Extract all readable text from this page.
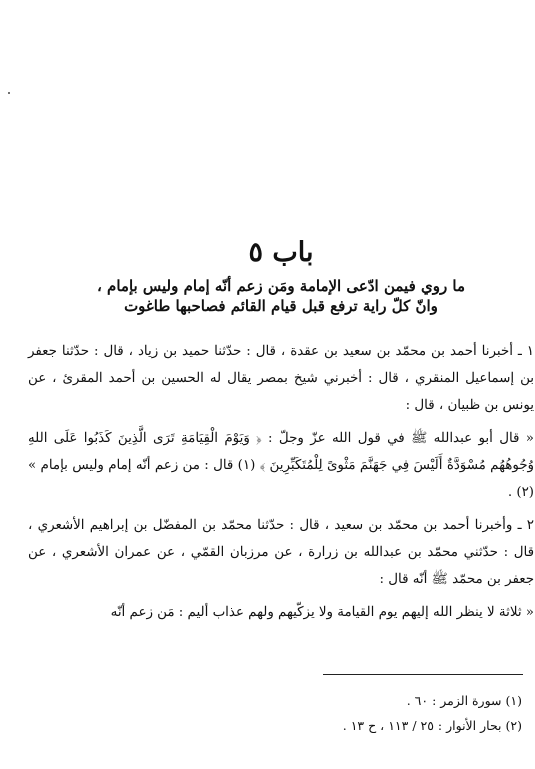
باب ٥

ما روي فيمن ادّعى الإمامة ومَن زعم أنّه إمام وليس بإمام ،

وانّ كلّ راية ترفع قبل قيام القائم فصاحبها طاغوت

١ ـ أخبرنا أحمد بن محمّد بن سعيد بن عقدة ، قال : حدّثنا حميد بن زياد ، قال : حدّثنا جعفر بن إسماعيل المنقري ، قال : أخبرني شيخ بمصر يقال له الحسين بن أحمد المقرئ ، عن يونس بن ظبيان ، قال :

« قال أبو عبدالله ﷺ في قول الله عزّ وجلّ : ﴿ وَيَوْمَ الْقِيَامَةِ تَرَى الَّذِينَ كَذَبُوا عَلَى اللهِ وُجُوهُهُم مُسْوَدَّةٌ أَلَيْسَ فِي جَهَنَّمَ مَثْوىً لِلْمُتَكَبِّرِينَ ﴾ (١) قال : من زعم أنّه إمام وليس بإمام » (٢) .

٢ ـ وأخبرنا أحمد بن محمّد بن سعيد ، قال : حدّثنا محمّد بن المفضّل بن إبراهيم الأشعري ، قال : حدّثني محمّد بن عبدالله بن زرارة ، عن مرزبان القمّي ، عن عمران الأشعري ، عن جعفر بن محمّد ﷺ أنّه قال :

« ثلاثة لا ينظر الله إليهم يوم القيامة ولا يزكّيهم ولهم عذاب أليم : مَن زعم أنّه

(١) سورة الزمر : ٦٠ .

(٢) بحار الأنوار : ٢٥ / ١١٣ ، ح ١٣ .
